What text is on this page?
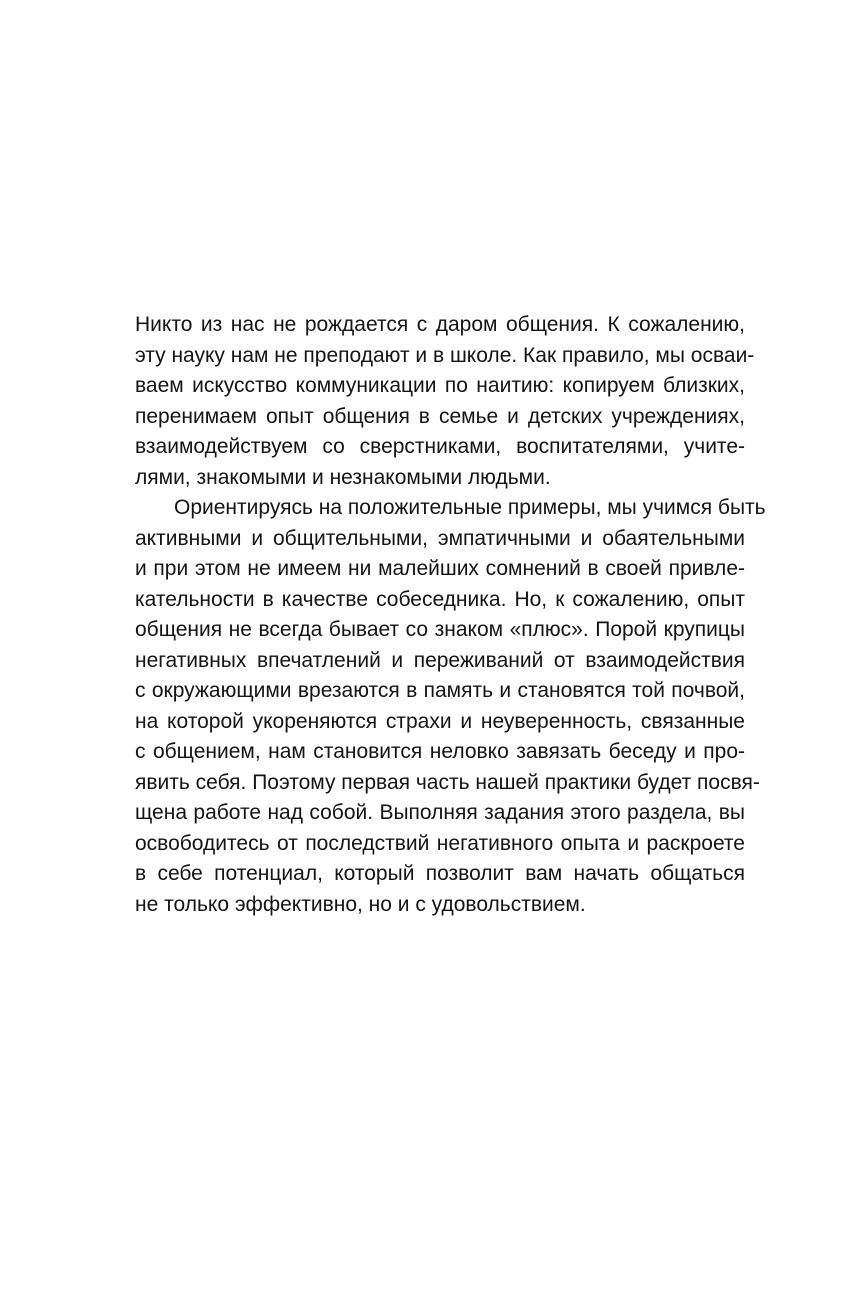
Никто из нас не рождается с даром общения. К сожалению,
эту науку нам не преподают и в школе. Как правило, мы осваи-
ваем искусство коммуникации по наитию: копируем близких,
перенимаем опыт общения в семье и детских учреждениях,
взаимодействуем со сверстниками, воспитателями, учите-
лями, знакомыми и незнакомыми людьми.
Ориентируясь на положительные примеры, мы учимся быть
активными и общительными, эмпатичными и обаятельными
и при этом не имеем ни малейших сомнений в своей привле-
кательности в качестве собеседника. Но, к сожалению, опыт
общения не всегда бывает со знаком «плюс». Порой крупицы
негативных впечатлений и переживаний от взаимодействия
с окружающими врезаются в память и становятся той почвой,
на которой укореняются страхи и неуверенность, связанные
с общением, нам становится неловко завязать беседу и про-
явить себя. Поэтому первая часть нашей практики будет посвя-
щена работе над собой. Выполняя задания этого раздела, вы
освободитесь от последствий негативного опыта и раскроете
в себе потенциал, который позволит вам начать общаться
не только эффективно, но и с удовольствием.
